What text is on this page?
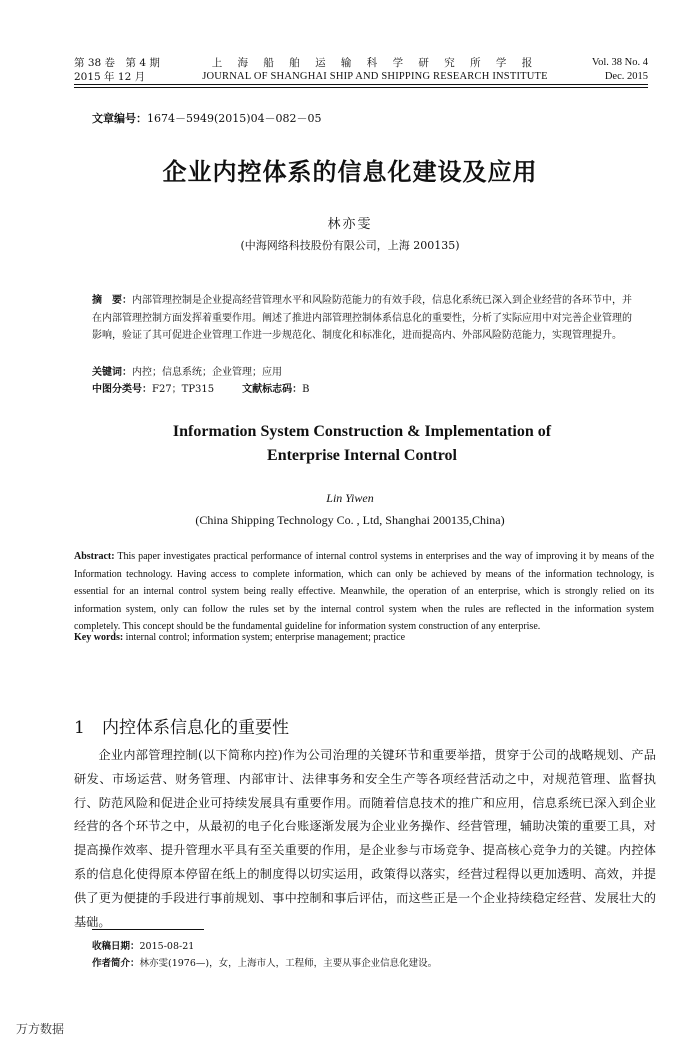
第 38 卷　第 4 期
2015 年 12 月
上 海 船 舶 运 输 科 学 研 究 所 学 报
JOURNAL OF SHANGHAI SHIP AND SHIPPING RESEARCH INSTITUTE
Vol. 38 No. 4
Dec. 2015
文章编号：1674－5949(2015)04－082－05
企业内控体系的信息化建设及应用
林亦雯
(中海网络科技股份有限公司，上海 200135)
摘　要：内部管理控制是企业提高经营管理水平和风险防范能力的有效手段，信息化系统已深入到企业经营的各环节中，并在内部管理控制方面发挥着重要作用。阐述了推进内部管理控制体系信息化的重要性，分析了实际应用中对完善企业管理的影响，验证了其可促进企业管理工作进一步规范化、制度化和标准化，进而提高内、外部风险防范能力，实现管理提升。
关键词：内控；信息系统；企业管理；应用
中图分类号：F27；TP315	文献标志码：B
Information System Construction & Implementation of
Enterprise Internal Control
Lin Yiwen
(China Shipping Technology Co. , Ltd, Shanghai 200135,China)
Abstract: This paper investigates practical performance of internal control systems in enterprises and the way of improving it by means of the Information technology. Having access to complete information, which can only be achieved by means of the information technology, is essential for an internal control system being really effective. Meanwhile, the operation of an enterprise, which is strongly relied on its information system, only can follow the rules set by the internal control system when the rules are reflected in the information system completely. This concept should be the fundamental guideline for information system construction of any enterprise.
Key words: internal control; information system; enterprise management; practice
1 内控体系信息化的重要性
企业内部管理控制(以下简称内控)作为公司治理的关键环节和重要举措，贯穿于公司的战略规划、产品研发、市场运营、财务管理、内部审计、法律事务和安全生产等各项经营活动之中，对规范管理、监督执行、防范风险和促进企业可持续发展具有重要作用。而随着信息技术的推广和应用，信息系统已深入到企业经营的各个环节之中，从最初的电子化台账逐渐发展为企业业务操作、经营管理，辅助决策的重要工具，对提高操作效率、提升管理水平具有至关重要的作用，是企业参与市场竞争、提高核心竞争力的关键。内控体系的信息化使得原本停留在纸上的制度得以切实运用，政策得以落实，经营过程得以更加透明、高效，并提供了更为便捷的手段进行事前规划、事中控制和事后评估，而这些正是一个企业持续稳定经营、发展壮大的基础。
收稿日期：2015-08-21
作者简介：林亦雯(1976—)，女，上海市人，工程师，主要从事企业信息化建设。
万方数据
